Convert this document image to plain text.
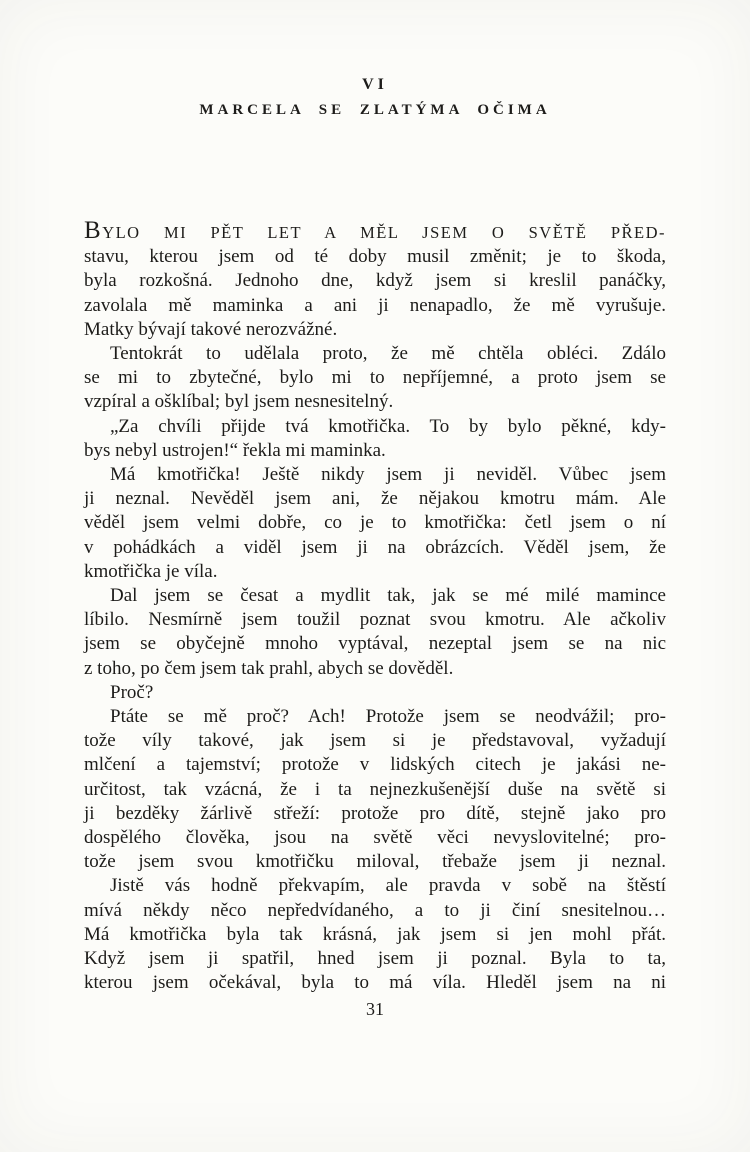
VI
MARCELA SE ZLATÝMA OČIMA
BYLO MI PĚT LET A MĚL JSEM O SVĚTĚ PŘED-
stavu, kterou jsem od té doby musil změnit; je to škoda,
byla rozkošná. Jednoho dne, když jsem si kreslil panáčky,
zavolala mě maminka a ani ji nenapadlo, že mě vyrušuje.
Matky bývají takové nerozvážné.
Tentokrát to udělala proto, že mě chtěla obléci. Zdálo
se mi to zbytečné, bylo mi to nepříjemné, a proto jsem se
vzpíral a ošklíbal; byl jsem nesnesitelný.
„Za chvíli přijde tvá kmotřička. To by bylo pěkné, kdy-
bys nebyl ustrojen!“ řekla mi maminka.
Má kmotřička! Ještě nikdy jsem ji neviděl. Vůbec jsem
ji neznal. Nevěděl jsem ani, že nějakou kmotru mám. Ale
věděl jsem velmi dobře, co je to kmotřička: četl jsem o ní
v pohádkách a viděl jsem ji na obrázcích. Věděl jsem, že
kmotřička je víla.
Dal jsem se česat a mydlit tak, jak se mé milé mamince
líbilo. Nesmírně jsem toužil poznat svou kmotru. Ale ačkoliv
jsem se obyčejně mnoho vyptával, nezeptal jsem se na nic
z toho, po čem jsem tak prahl, abych se dověděl.
Proč?
Ptáte se mě proč? Ach! Protože jsem se neodvážil; pro-
tože víly takové, jak jsem si je představoval, vyžadují
mlčení a tajemství; protože v lidských citech je jakási ne-
určitost, tak vzácná, že i ta nejnezkušenější duše na světě si
ji bezděky žárlivě střeží: protože pro dítě, stejně jako pro
dospělého člověka, jsou na světě věci nevyslovitelné; pro-
tože jsem svou kmotřičku miloval, třebaže jsem ji neznal.
Jistě vás hodně překvapím, ale pravda v sobě na štěstí
mívá někdy něco nepředvídaného, a to ji činí snesitelnou…
Má kmotřička byla tak krásná, jak jsem si jen mohl přát.
Když jsem ji spatřil, hned jsem ji poznal. Byla to ta,
kterou jsem očekával, byla to má víla. Hleděl jsem na ni
31
